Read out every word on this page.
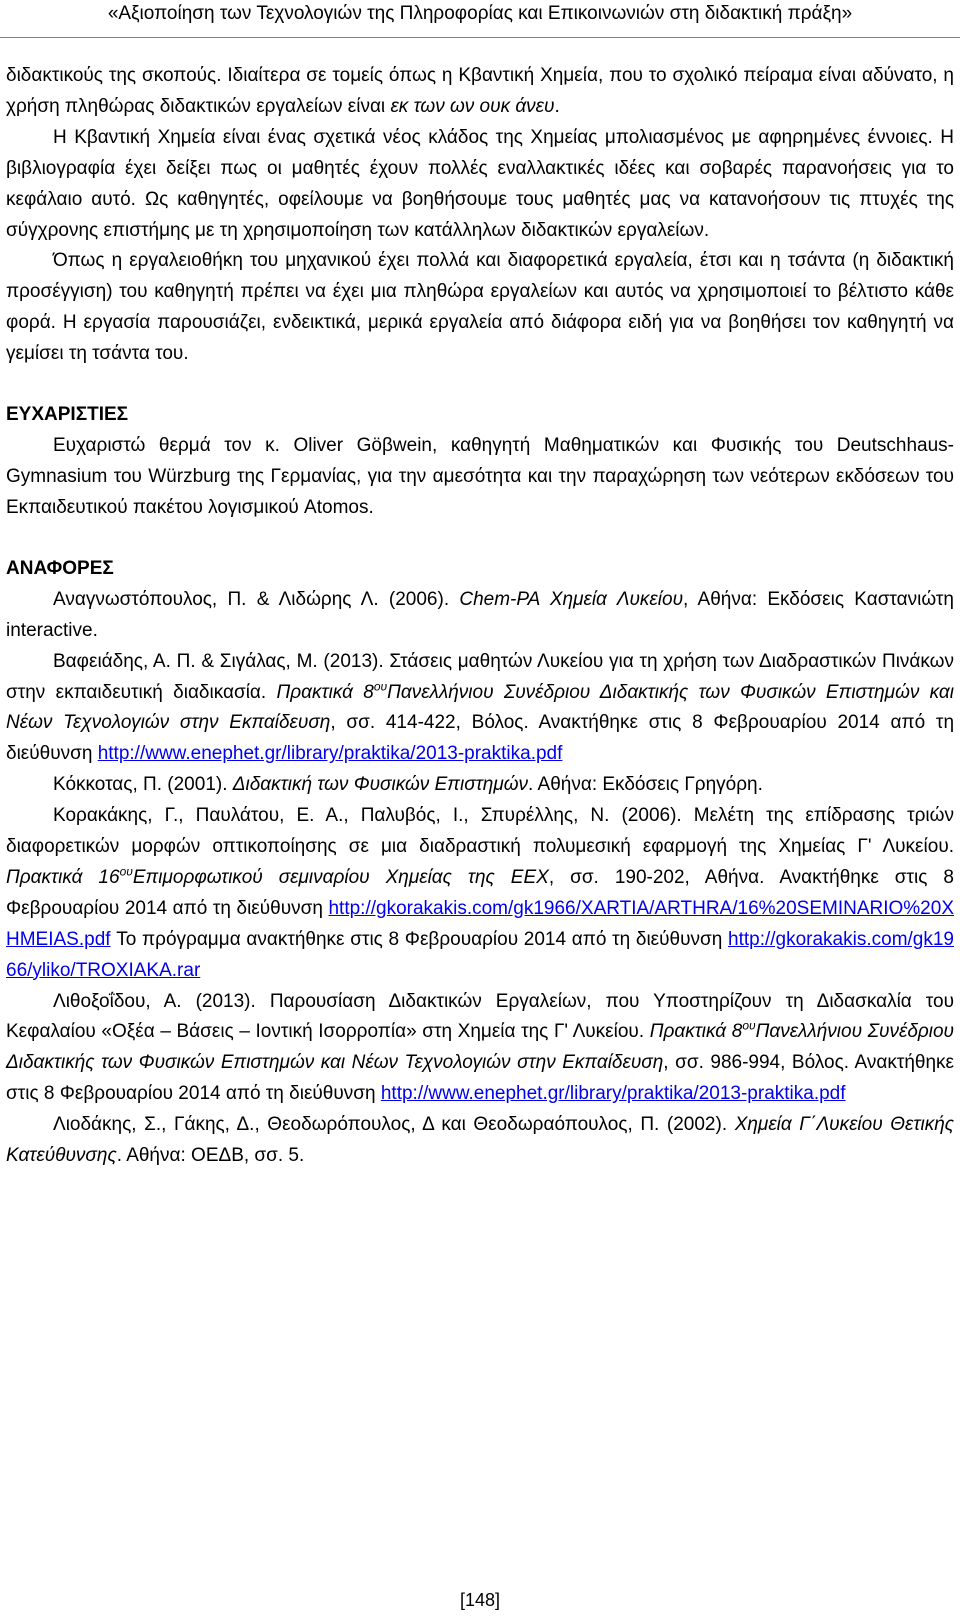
«Αξιοποίηση των Τεχνολογιών της Πληροφορίας και Επικοινωνιών στη διδακτική πράξη»

διδακτικούς της σκοπούς. Ιδιαίτερα σε τομείς όπως η Κβαντική Χημεία, που το σχολικό πείραμα είναι αδύνατο, η χρήση πληθώρας διδακτικών εργαλείων είναι εκ των ων ουκ άνευ.

Η Κβαντική Χημεία είναι ένας σχετικά νέος κλάδος της Χημείας μπολιασμένος με αφηρημένες έννοιες. Η βιβλιογραφία έχει δείξει πως οι μαθητές έχουν πολλές εναλλακτικές ιδέες και σοβαρές παρανοήσεις για το κεφάλαιο αυτό. Ως καθηγητές, οφείλουμε να βοηθήσουμε τους μαθητές μας να κατανοήσουν τις πτυχές της σύγχρονης επιστήμης με τη χρησιμοποίηση των κατάλληλων διδακτικών εργαλείων.

Όπως η εργαλειοθήκη του μηχανικού έχει πολλά και διαφορετικά εργαλεία, έτσι και η τσάντα (η διδακτική προσέγγιση) του καθηγητή πρέπει να έχει μια πληθώρα εργαλείων και αυτός να χρησιμοποιεί το βέλτιστο κάθε φορά. Η εργασία παρουσιάζει, ενδεικτικά, μερικά εργαλεία από διάφορα ειδή για να βοηθήσει τον καθηγητή να γεμίσει τη τσάντα του.

ΕΥΧΑΡΙΣΤΙΕΣ

Ευχαριστώ θερμά τον κ. Oliver Göβwein, καθηγητή Μαθηματικών και Φυσικής του Deutschhaus-Gymnasium του Würzburg της Γερμανίας, για την αμεσότητα και την παραχώρηση των νεότερων εκδόσεων του Εκπαιδευτικού πακέτου λογισμικού Atomos.

ΑΝΑΦΟΡΕΣ

Αναγνωστόπουλος, Π. & Λιδώρης Λ. (2006). Chem-PA Χημεία Λυκείου, Αθήνα: Εκδόσεις Καστανιώτη interactive.

Βαφειάδης, Α. Π. & Σιγάλας, Μ. (2013). Στάσεις μαθητών Λυκείου για τη χρήση των Διαδραστικών Πινάκων στην εκπαιδευτική διαδικασία. Πρακτικά $8^{o\upsilon}\Pi\alpha\nu\varepsilon\lambda\lambda ή\nu\iota o\upsilon$ Συνέδριου Διδακτικής των Φυσικών Επιστημών και Νέων Τεχνολογιών στην Εκπαίδευση, σσ. 414-422, Βόλος. Ανακτήθηκε στις 8 Φεβρουαρίου 2014 από τη διεύθυνση http://www.enephet.gr/library/praktika/2013-praktika.pdf

Κόκκοτας, Π. (2001). Διδακτική των Φυσικών Επιστημών. Αθήνα: Εκδόσεις Γρηγόρη.

Κορακάκης, Γ., Παυλάτου, Ε. Α., Παλυβός, Ι., Σπυρέλλης, Ν. (2006). Μελέτη της επίδρασης τριών διαφορετικών μορφών οπτικοποίησης σε μια διαδραστική πολυμεσική εφαρμογή της Χημείας Γ' Λυκείου. Πρακτικά $16^{o\upsilon}E\pi\iota\mu o\rho\varphi\omega\tau\iota\kappa oύ$ σεμιναρίου Χημείας της ΕΕΧ, σσ. 190-202, Αθήνα. Ανακτήθηκε στις 8 Φεβρουαρίου 2014 από τη διεύθυνση http://gkorakakis.com/gk1966/XARTIA/ARTHRA/16%20SEMINARIO%20XHMEIAS.pdf Το πρόγραμμα ανακτήθηκε στις 8 Φεβρουαρίου 2014 από τη διεύθυνση http://gkorakakis.com/gk1966/yliko/TROXIAKA.rar

Λιθοξοΐδου, Α. (2013). Παρουσίαση Διδακτικών Εργαλείων, που Υποστηρίζουν τη Διδασκαλία του Κεφαλαίου «Οξέα – Βάσεις – Ιοντική Ισορροπία» στη Χημεία της Γ' Λυκείου. Πρακτικά $8^{o\upsilon}\Pi\alpha\nu\varepsilon\lambda\lambda ή\nu\iota o\upsilon$ Συνέδριου Διδακτικής των Φυσικών Επιστημών και Νέων Τεχνολογιών στην Εκπαίδευση, σσ. 986-994, Βόλος. Ανακτήθηκε στις 8 Φεβρουαρίου 2014 από τη διεύθυνση http://www.enephet.gr/library/praktika/2013-praktika.pdf

Λιοδάκης, Σ., Γάκης, Δ., Θεοδωρόπουλος, Δ και Θεοδωραόπουλος, Π. (2002). Χημεία Γ΄Λυκείου Θετικής Κατεύθυνσης. Αθήνα: ΟΕΔΒ, σσ. 5.

[148]
